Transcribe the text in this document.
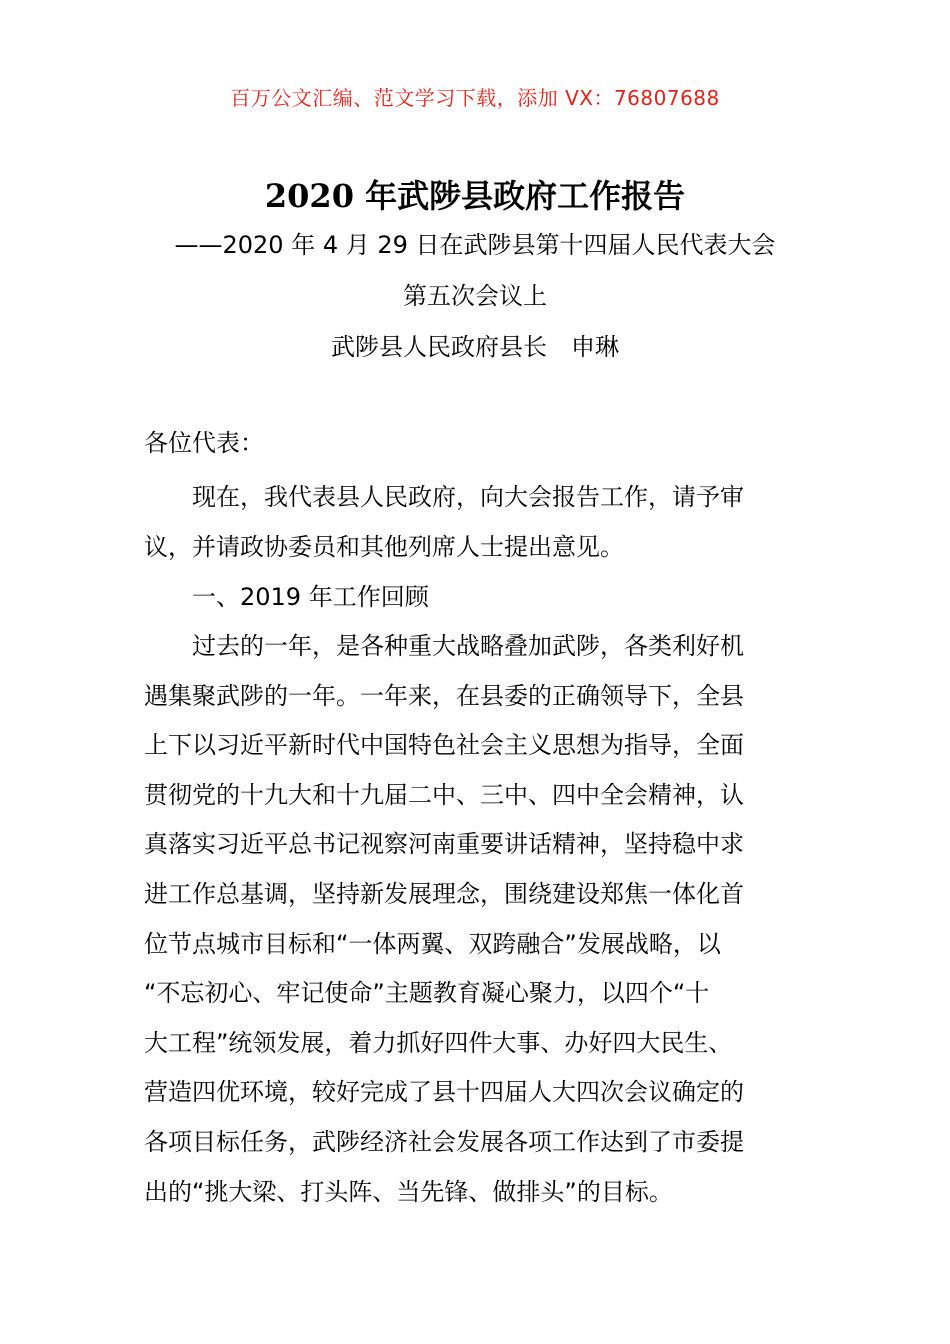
百万公文汇编、范文学习下载，添加 VX：76807688
2020 年武陟县政府工作报告
——2020 年 4 月 29 日在武陟县第十四届人民代表大会
第五次会议上
武陟县人民政府县长　申琳
各位代表：
现在，我代表县人民政府，向大会报告工作，请予审
议，并请政协委员和其他列席人士提出意见。
一、2019 年工作回顾
过去的一年，是各种重大战略叠加武陟，各类利好机
遇集聚武陟的一年。一年来，在县委的正确领导下，全县
上下以习近平新时代中国特色社会主义思想为指导，全面
贯彻党的十九大和十九届二中、三中、四中全会精神，认
真落实习近平总书记视察河南重要讲话精神，坚持稳中求
进工作总基调，坚持新发展理念，围绕建设郑焦一体化首
位节点城市目标和“一体两翼、双跨融合”发展战略，以
“不忘初心、牢记使命”主题教育凝心聚力，以四个“十
大工程”统领发展，着力抓好四件大事、办好四大民生、
营造四优环境，较好完成了县十四届人大四次会议确定的
各项目标任务，武陟经济社会发展各项工作达到了市委提
出的“挑大梁、打头阵、当先锋、做排头”的目标。
